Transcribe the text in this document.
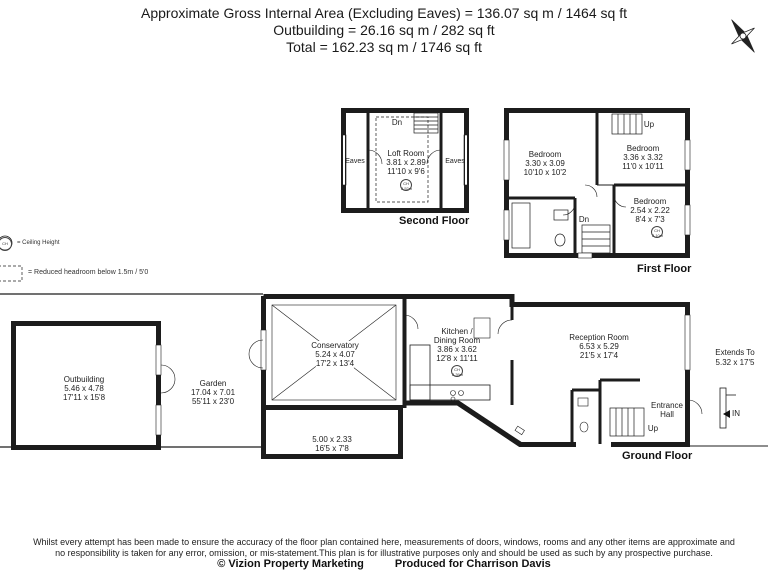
Approximate Gross Internal Area (Excluding Eaves) = 136.07 sq m / 1464 sq ft
Outbuilding = 26.16 sq m / 282 sq ft
Total = 162.23 sq m / 1746 sq ft
CH	= Ceiling Height
= Reduced headroom below 1.5m / 5'0
Dn
Loft Room
3.81 x 2.89
11'10 x 9'6
CH
2.52m
Eaves	Eaves
Second Floor
Bedroom
3.30 x 3.09
10'10 x 10'2
Bedroom
3.36 x 3.32
11'0 x 10'11
Bedroom
2.54 x 2.22
8'4 x 7'3
CH
2.10m
Up
Dn
First Floor
Outbuilding
5.46 x 4.78
17'11 x 15'8
Garden
17.04 x 7.01
55'11 x 23'0
Conservatory
5.24 x 4.07
17'2 x 13'4
5.00 x 2.33
16'5 x 7'8
Kitchen /
Dining Room
3.86 x 3.62
12'8 x 11'11
CH
2.39m
Reception Room
6.53 x 5.29
21'5 x 17'4
Entrance
Hall
Up
IN
Extends To
5.32 x 17'5
Ground Floor
Whilst every attempt has been made to ensure the accuracy of the floor plan contained here, measurements of doors, windows, rooms and any other items are approximate and
no responsibility is taken for any error, omission, or mis-statement.This plan is for illustrative purposes only and should be used as such by any prospective purchase.
© Vizion Property Marketing	Produced for Charrison Davis
